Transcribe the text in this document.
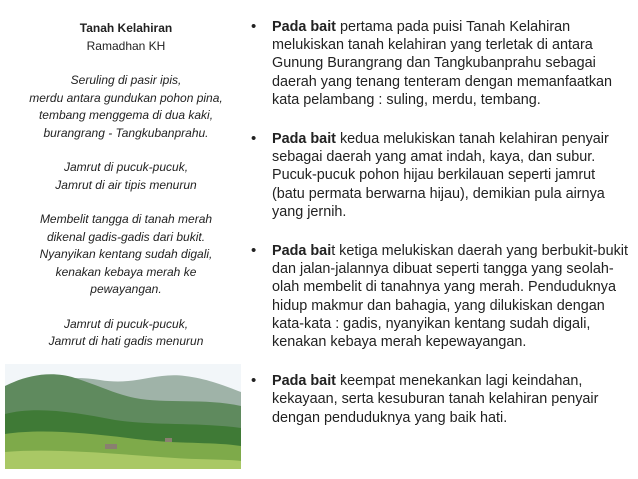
Tanah Kelahiran
Ramadhan KH
Seruling di pasir ipis,
merdu antara gundukan pohon pina,
tembang menggema di dua kaki,
burangrang - Tangkubanprahu.
Jamrut di pucuk-pucuk,
Jamrut di air tipis menurun
Membelit tangga di tanah merah
dikenal gadis-gadis dari bukit.
Nyanyikan kentang sudah digali,
kenakan kebaya merah ke
pewayangan.
Jamrut di pucuk-pucuk,
Jamrut di hati gadis menurun
• Pada bait pertama pada puisi Tanah Kelahiran melukiskan tanah kelahiran yang terletak di antara Gunung Burangrang dan Tangkubanprahu sebagai daerah yang tenang tenteram dengan memanfaatkan kata pelambang : suling, merdu, tembang.
• Pada bait kedua melukiskan tanah kelahiran penyair sebagai daerah yang amat indah, kaya, dan subur. Pucuk-pucuk pohon hijau berkilauan seperti jamrut (batu permata berwarna hijau), demikian pula airnya yang jernih.
• Pada bait ketiga melukiskan daerah yang berbukit-bukit dan jalan-jalannya dibuat seperti tangga yang seolah-olah membelit di tanahnya yang merah. Penduduknya hidup makmur dan bahagia, yang dilukiskan dengan kata-kata : gadis, nyanyikan kentang sudah digali, kenakan kebaya merah kepewayangan.
• Pada bait keempat menekankan lagi keindahan, kekayaan, serta kesuburan tanah kelahiran penyair dengan penduduknya yang baik hati.
